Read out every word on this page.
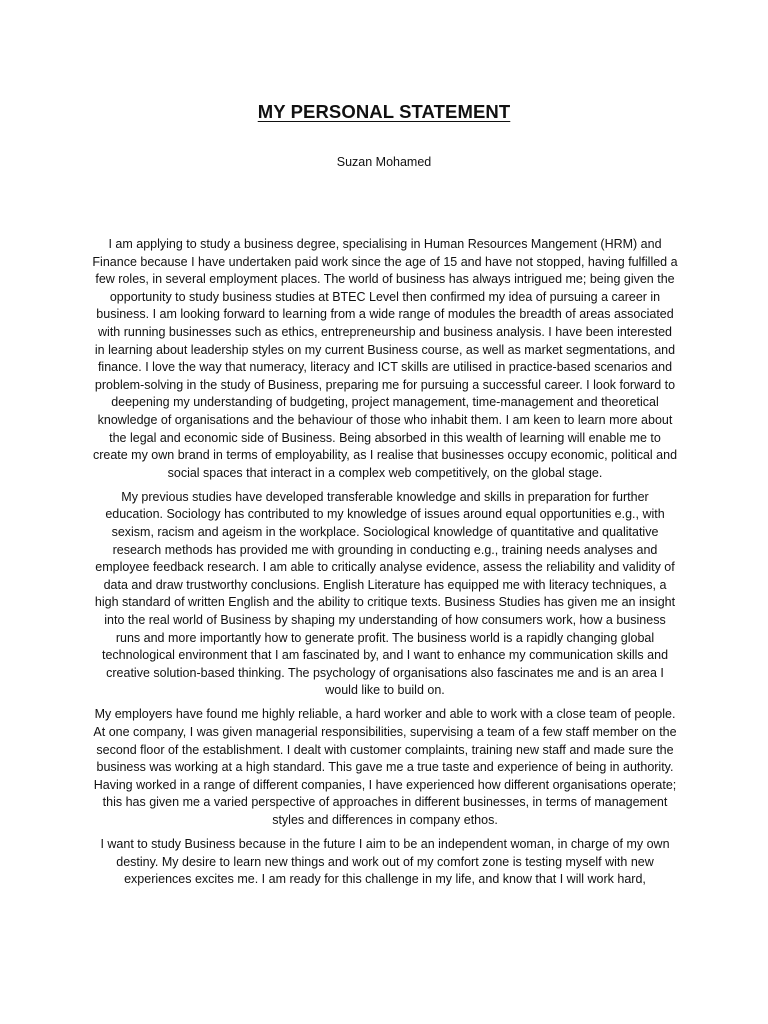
MY PERSONAL STATEMENT

Suzan Mohamed

I am applying to study a business degree, specialising in Human Resources Mangement (HRM) and Finance because I have undertaken paid work since the age of 15 and have not stopped, having fulfilled a few roles, in several employment places. The world of business has always intrigued me; being given the opportunity to study business studies at BTEC Level then confirmed my idea of pursuing a career in business. I am looking forward to learning from a wide range of modules the breadth of areas associated with running businesses such as ethics, entrepreneurship and business analysis. I have been interested in learning about leadership styles on my current Business course, as well as market segmentations, and finance. I love the way that numeracy, literacy and ICT skills are utilised in practice-based scenarios and problem-solving in the study of Business, preparing me for pursuing a successful career. I look forward to deepening my understanding of budgeting, project management, time-management and theoretical knowledge of organisations and the behaviour of those who inhabit them. I am keen to learn more about the legal and economic side of Business. Being absorbed in this wealth of learning will enable me to create my own brand in terms of employability, as I realise that businesses occupy economic, political and social spaces that interact in a complex web competitively, on the global stage.

My previous studies have developed transferable knowledge and skills in preparation for further education. Sociology has contributed to my knowledge of issues around equal opportunities e.g., with sexism, racism and ageism in the workplace. Sociological knowledge of quantitative and qualitative research methods has provided me with grounding in conducting e.g., training needs analyses and employee feedback research. I am able to critically analyse evidence, assess the reliability and validity of data and draw trustworthy conclusions. English Literature has equipped me with literacy techniques, a high standard of written English and the ability to critique texts. Business Studies has given me an insight into the real world of Business by shaping my understanding of how consumers work, how a business runs and more importantly how to generate profit. The business world is a rapidly changing global technological environment that I am fascinated by, and I want to enhance my communication skills and creative solution-based thinking. The psychology of organisations also fascinates me and is an area I would like to build on.

My employers have found me highly reliable, a hard worker and able to work with a close team of people. At one company, I was given managerial responsibilities, supervising a team of a few staff member on the second floor of the establishment. I dealt with customer complaints, training new staff and made sure the business was working at a high standard. This gave me a true taste and experience of being in authority. Having worked in a range of different companies, I have experienced how different organisations operate; this has given me a varied perspective of approaches in different businesses, in terms of management styles and differences in company ethos.

I want to study Business because in the future I aim to be an independent woman, in charge of my own destiny. My desire to learn new things and work out of my comfort zone is testing myself with new experiences excites me. I am ready for this challenge in my life, and know that I will work hard,
